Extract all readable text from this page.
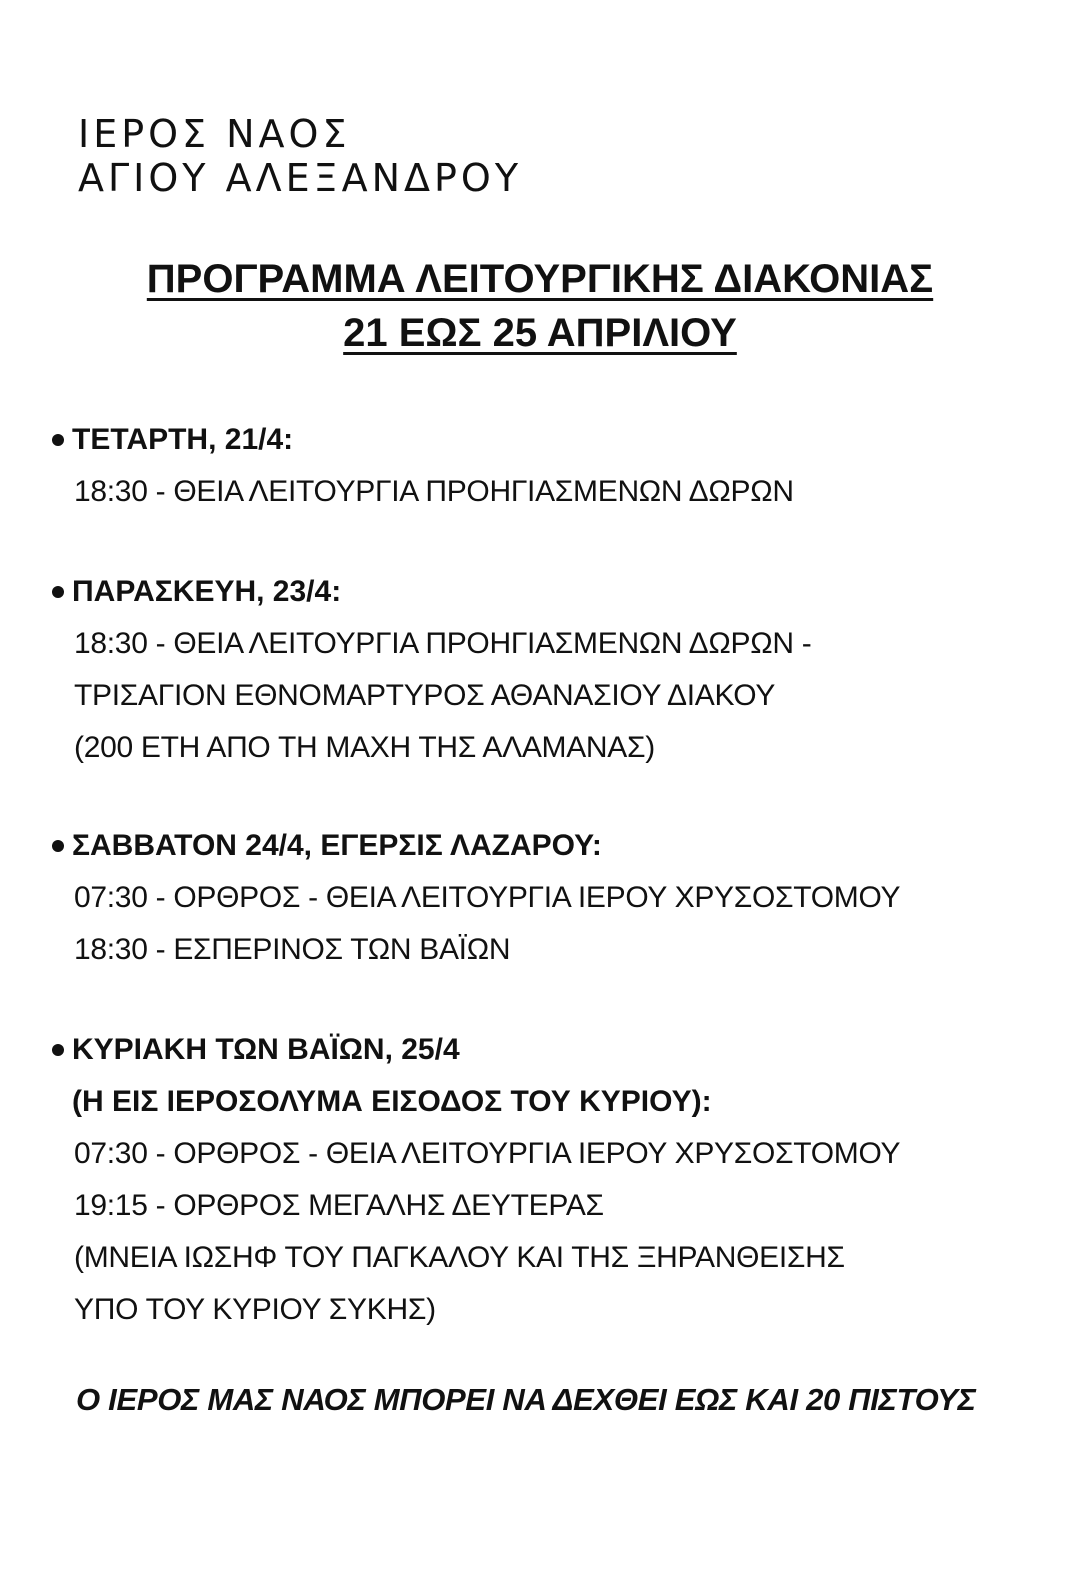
ΙΕΡΟΣ ΝΑΟΣ
ΑΓΙΟΥ ΑΛΕΞΑΝΔΡΟΥ
ΠΡΟΓΡΑΜΜΑ ΛΕΙΤΟΥΡΓΙΚΗΣ ΔΙΑΚΟΝΙΑΣ
21 ΕΩΣ 25 ΑΠΡΙΛΙΟΥ
ΤΕΤΑΡΤΗ, 21/4:
18:30 - ΘΕΙΑ ΛΕΙΤΟΥΡΓΙΑ ΠΡΟΗΓΙΑΣΜΕΝΩΝ ΔΩΡΩΝ
ΠΑΡΑΣΚΕΥΗ, 23/4:
18:30 - ΘΕΙΑ ΛΕΙΤΟΥΡΓΙΑ ΠΡΟΗΓΙΑΣΜΕΝΩΝ ΔΩΡΩΝ -
ΤΡΙΣΑΓΙΟΝ ΕΘΝΟΜΑΡΤΥΡΟΣ ΑΘΑΝΑΣΙΟΥ ΔΙΑΚΟΥ
(200 ΕΤΗ ΑΠΟ ΤΗ ΜΑΧΗ ΤΗΣ ΑΛΑΜΑΝΑΣ)
ΣΑΒΒΑΤΟΝ 24/4, ΕΓΕΡΣΙΣ ΛΑΖΑΡΟΥ:
07:30 - ΟΡΘΡΟΣ - ΘΕΙΑ ΛΕΙΤΟΥΡΓΙΑ ΙΕΡΟΥ ΧΡΥΣΟΣΤΟΜΟΥ
18:30 - ΕΣΠΕΡΙΝΟΣ ΤΩΝ ΒΑΪΩΝ
ΚΥΡΙΑΚΗ ΤΩΝ ΒΑΪΩΝ, 25/4
(Η ΕΙΣ ΙΕΡΟΣΟΛΥΜΑ ΕΙΣΟΔΟΣ ΤΟΥ ΚΥΡΙΟΥ):
07:30 - ΟΡΘΡΟΣ - ΘΕΙΑ ΛΕΙΤΟΥΡΓΙΑ ΙΕΡΟΥ ΧΡΥΣΟΣΤΟΜΟΥ
19:15 - ΟΡΘΡΟΣ ΜΕΓΑΛΗΣ ΔΕΥΤΕΡΑΣ
(ΜΝΕΙΑ ΙΩΣΗΦ ΤΟΥ ΠΑΓΚΑΛΟΥ ΚΑΙ ΤΗΣ ΞΗΡΑΝΘΕΙΣΗΣ
ΥΠΟ ΤΟΥ ΚΥΡΙΟΥ ΣΥΚΗΣ)
Ο ΙΕΡΟΣ ΜΑΣ ΝΑΟΣ ΜΠΟΡΕΙ ΝΑ ΔΕΧΘΕΙ ΕΩΣ ΚΑΙ 20 ΠΙΣΤΟΥΣ
